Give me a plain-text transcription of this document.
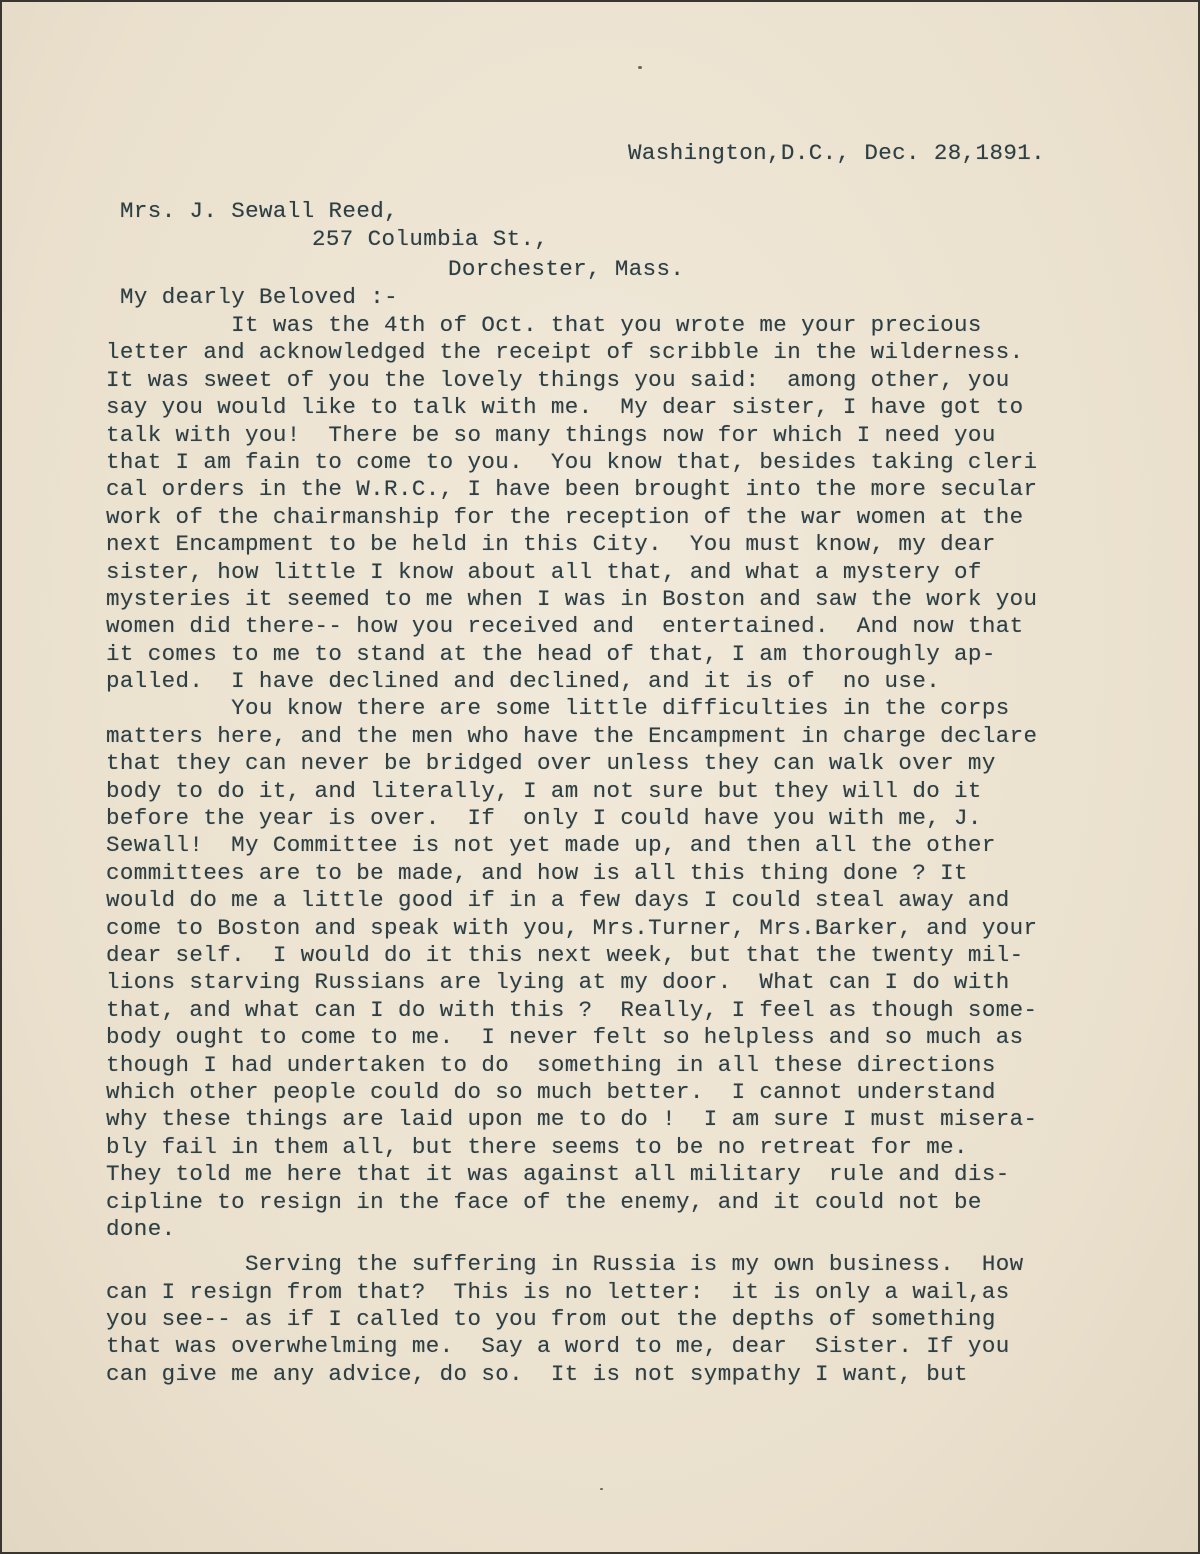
Washington,D.C., Dec. 28,1891.
Mrs. J. Sewall Reed,
257 Columbia St.,
Dorchester, Mass.
My dearly Beloved :-
It was the 4th of Oct. that you wrote me your precious
letter and acknowledged the receipt of scribble in the wilderness.
It was sweet of you the lovely things you said:  among other, you
say you would like to talk with me.  My dear sister, I have got to
talk with you!  There be so many things now for which I need you
that I am fain to come to you.  You know that, besides taking cleri
cal orders in the W.R.C., I have been brought into the more secular
work of the chairmanship for the reception of the war women at the
next Encampment to be held in this City.  You must know, my dear
sister, how little I know about all that, and what a mystery of
mysteries it seemed to me when I was in Boston and saw the work you
women did there-- how you received and  entertained.  And now that
it comes to me to stand at the head of that, I am thoroughly ap-
palled.  I have declined and declined, and it is of  no use.
You know there are some little difficulties in the corps
matters here, and the men who have the Encampment in charge declare
that they can never be bridged over unless they can walk over my
body to do it, and literally, I am not sure but they will do it
before the year is over.  If  only I could have you with me, J.
Sewall!  My Committee is not yet made up, and then all the other
committees are to be made, and how is all this thing done ? It
would do me a little good if in a few days I could steal away and
come to Boston and speak with you, Mrs.Turner, Mrs.Barker, and your
dear self.  I would do it this next week, but that the twenty mil-
lions starving Russians are lying at my door.  What can I do with
that, and what can I do with this ?  Really, I feel as though some-
body ought to come to me.  I never felt so helpless and so much as
though I had undertaken to do  something in all these directions
which other people could do so much better.  I cannot understand
why these things are laid upon me to do !  I am sure I must misera-
bly fail in them all, but there seems to be no retreat for me.
They told me here that it was against all military  rule and dis-
cipline to resign in the face of the enemy, and it could not be
done.
Serving the suffering in Russia is my own business.  How
can I resign from that?  This is no letter:  it is only a wail,as
you see-- as if I called to you from out the depths of something
that was overwhelming me.  Say a word to me, dear  Sister. If you
can give me any advice, do so.  It is not sympathy I want, but
